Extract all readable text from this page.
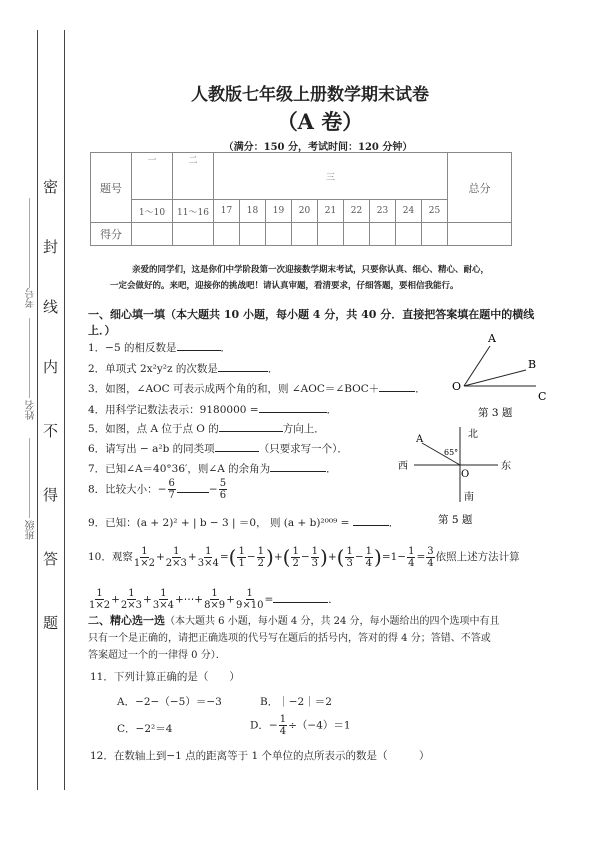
密
封
线
内
不
得
答
题
考号
姓名
班级
人教版七年级上册数学期末试卷
（A 卷）
（满分：150 分，考试时间：120 分钟）
题号	一	二	三									总分
	1～10	11～16	17	18	19	20	21	22	23	24	25	
得分												
亲爱的同学们，这是你们中学阶段第一次迎接数学期末考试，只要你认真、细心、精心、耐心，
一定会做好的。来吧，迎接你的挑战吧！请认真审题，看清要求，仔细答题，要相信我能行。
一、细心填一填（本大题共 10 小题，每小题 4 分，共 40 分．直接把答案填在题中的横线
上．）
1．−5 的相反数是	．
2．单项式 2x²y²z 的次数是	．
3．如图，∠AOC 可表示成两个角的和，则 ∠AOC＝∠BOC＋	．
4．用科学记数法表示：9180000 =	．
5．如图，点 A 位于点 O 的	方向上．
6．请写出 − a²b 的同类项	（只要求写一个）．
7．已知∠A＝40°36′，则∠A 的余角为	．
8．比较大小：− $\frac{6}{7}$	− $\frac{5}{6}$
9．已知：(a + 2)² + | b − 3 | ＝0， 则 (a + b)²⁰⁰⁹ =	．
10．观察 $\frac{1}{1\times 2} + \frac{1}{2\times 3} + \frac{1}{3\times 4}$ =( $\frac{1}{1} - \frac{1}{2}$ )+( $\frac{1}{2} - \frac{1}{3}$ )+( $\frac{1}{3} - \frac{1}{4} )=1- \frac{1}{4} = \frac{3}{4}$ 依照上述方法计算
$\frac{1}{1\times 2} + \frac{1}{2\times 3} + \frac{1}{3\times 4}$ +⋯+ $\frac{1}{8\times 9} + \frac{1}{9\times 10}$ =	．
A
B
O
C
第 3 题
北
A
65°
西
O
东
南
第 5 题
二、精心选一选（本大题共 6 小题，每小题 4 分，共 24 分，每小题给出的四个选项中有且
只有一个是正确的，请把正确选项的代号写在题后的括号内，答对的得 4 分；答错、不答或
答案超过一个的一律得 0 分）．
11．下列计算正确的是（　　）
A．−2−（−5）＝−3	B．｜−2｜＝2
C．−2²＝4	D．− $\frac{1}{4} \div(-4)=1$
12．在数轴上到−1 点的距离等于 1 个单位的点所表示的数是（　　　）
